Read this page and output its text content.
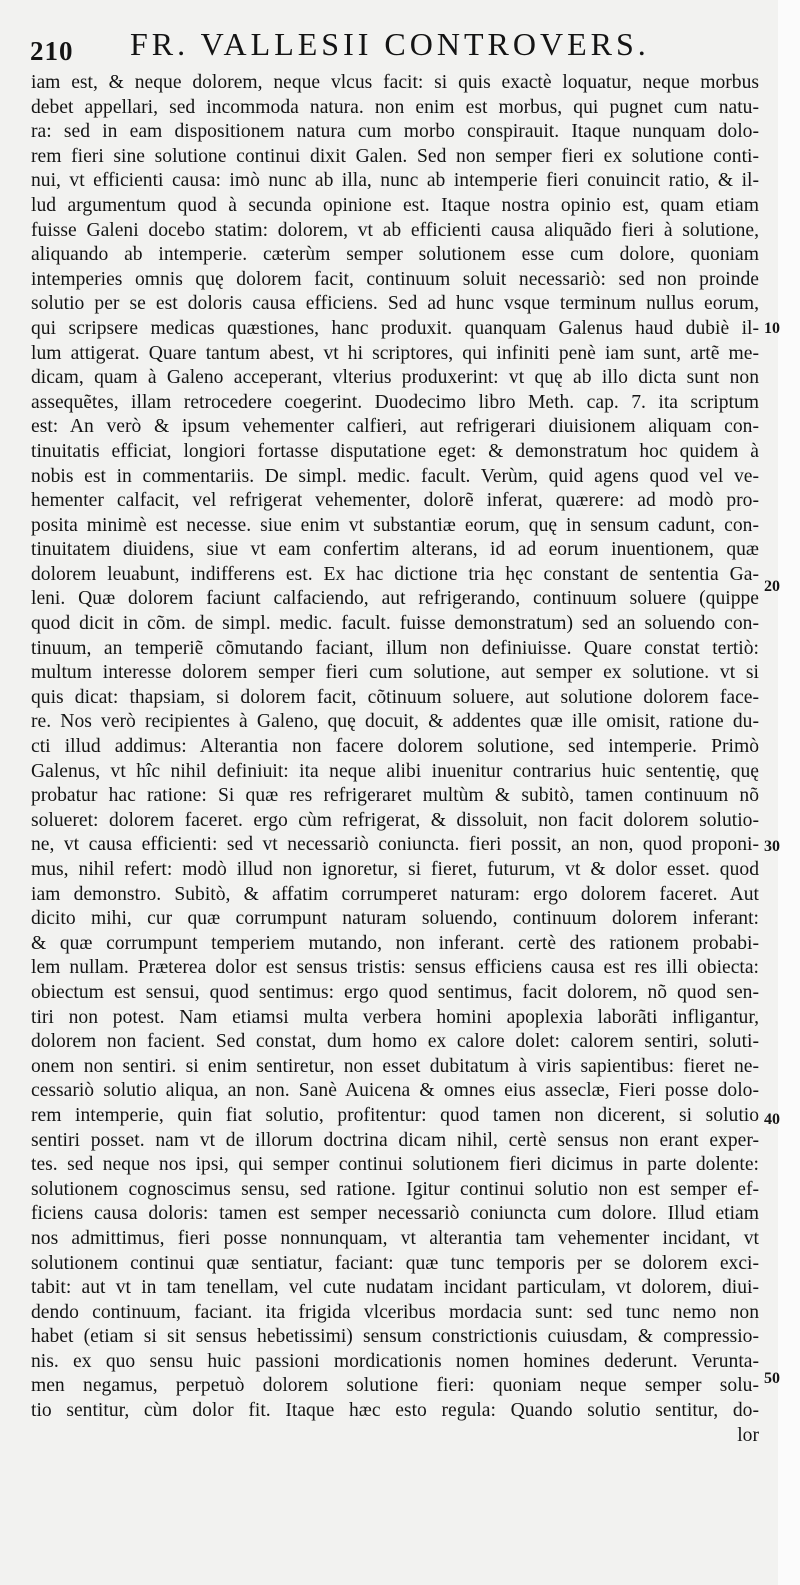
210 FR. VALLESII CONTROVERS.
iam est, & neque dolorem, neque vlcus facit: si quis exactè loquatur, neque morbus
debet appellari, sed incommoda natura. non enim est morbus, qui pugnet cum natu-
ra: sed in eam dispositionem natura cum morbo conspirauit. Itaque nunquam dolo-
rem fieri sine solutione continui dixit Galen. Sed non semper fieri ex solutione conti-
nui, vt efficienti causa: imò nunc ab illa, nunc ab intemperie fieri conuincit ratio, & il-
lud argumentum quod à secunda opinione est. Itaque nostra opinio est, quam etiam
fuisse Galeni docebo statim: dolorem, vt ab efficienti causa aliquãdo fieri à solutione,
aliquando ab intemperie. cæterùm semper solutionem esse cum dolore, quoniam
intemperies omnis quę dolorem facit, continuum soluit necessariò: sed non proinde
solutio per se est doloris causa efficiens. Sed ad hunc vsque terminum nullus eorum,
qui scripsere medicas quæstiones, hanc produxit. quanquam Galenus haud dubiè il-
lum attigerat. Quare tantum abest, vt hi scriptores, qui infiniti penè iam sunt, artẽ me-
dicam, quam à Galeno acceperant, vlterius produxerint: vt quę ab illo dicta sunt non
assequẽtes, illam retrocedere coegerint. Duodecimo libro Meth. cap. 7. ita scriptum
est: An verò & ipsum vehementer calfieri, aut refrigerari diuisionem aliquam con-
tinuitatis efficiat, longiori fortasse disputatione eget: & demonstratum hoc quidem à
nobis est in commentariis. De simpl. medic. facult. Verùm, quid agens quod vel ve-
hementer calfacit, vel refrigerat vehementer, dolorẽ inferat, quærere: ad modò pro-
posita minimè est necesse. siue enim vt substantiæ eorum, quę in sensum cadunt, con-
tinuitatem diuidens, siue vt eam confertim alterans, id ad eorum inuentionem, quæ
dolorem leuabunt, indifferens est. Ex hac dictione tria hęc constant de sententia Ga-
leni. Quæ dolorem faciunt calfaciendo, aut refrigerando, continuum soluere (quippe
quod dicit in cõm. de simpl. medic. facult. fuisse demonstratum) sed an soluendo con-
tinuum, an temperiẽ cõmutando faciant, illum non definiuisse. Quare constat tertiò:
multum interesse dolorem semper fieri cum solutione, aut semper ex solutione. vt si
quis dicat: thapsiam, si dolorem facit, cõtinuum soluere, aut solutione dolorem face-
re. Nos verò recipientes à Galeno, quę docuit, & addentes quæ ille omisit, ratione du-
cti illud addimus: Alterantia non facere dolorem solutione, sed intemperie. Primò
Galenus, vt hîc nihil definiuit: ita neque alibi inuenitur contrarius huic sententię, quę
probatur hac ratione: Si quæ res refrigeraret multùm & subitò, tamen continuum nõ
solueret: dolorem faceret. ergo cùm refrigerat, & dissoluit, non facit dolorem solutio-
ne, vt causa efficienti: sed vt necessariò coniuncta. fieri possit, an non, quod proponi-
mus, nihil refert: modò illud non ignoretur, si fieret, futurum, vt & dolor esset. quod
iam demonstro. Subitò, & affatim corrumperet naturam: ergo dolorem faceret. Aut
dicito mihi, cur quæ corrumpunt naturam soluendo, continuum dolorem inferant:
& quæ corrumpunt temperiem mutando, non inferant. certè des rationem probabi-
lem nullam. Præterea dolor est sensus tristis: sensus efficiens causa est res illi obiecta:
obiectum est sensui, quod sentimus: ergo quod sentimus, facit dolorem, nõ quod sen-
tiri non potest. Nam etiamsi multa verbera homini apoplexia laborãti infligantur,
dolorem non facient. Sed constat, dum homo ex calore dolet: calorem sentiri, soluti-
onem non sentiri. si enim sentiretur, non esset dubitatum à viris sapientibus: fieret ne-
cessariò solutio aliqua, an non. Sanè Auicena & omnes eius asseclæ, Fieri posse dolo-
rem intemperie, quin fiat solutio, profitentur: quod tamen non dicerent, si solutio
sentiri posset. nam vt de illorum doctrina dicam nihil, certè sensus non erant exper-
tes. sed neque nos ipsi, qui semper continui solutionem fieri dicimus in parte dolente:
solutionem cognoscimus sensu, sed ratione. Igitur continui solutio non est semper ef-
ficiens causa doloris: tamen est semper necessariò coniuncta cum dolore. Illud etiam
nos admittimus, fieri posse nonnunquam, vt alterantia tam vehementer incidant, vt
solutionem continui quæ sentiatur, faciant: quæ tunc temporis per se dolorem exci-
tabit: aut vt in tam tenellam, vel cute nudatam incidant particulam, vt dolorem, diui-
dendo continuum, faciant. ita frigida vlceribus mordacia sunt: sed tunc nemo non
habet (etiam si sit sensus hebetissimi) sensum constrictionis cuiusdam, & compressio-
nis. ex quo sensu huic passioni mordicationis nomen homines dederunt. Verunta-
men negamus, perpetuò dolorem solutione fieri: quoniam neque semper solu-
tio sentitur, cùm dolor fit. Itaque hæc esto regula: Quando solutio sentitur, do-
lor
10
20
30
40
50
